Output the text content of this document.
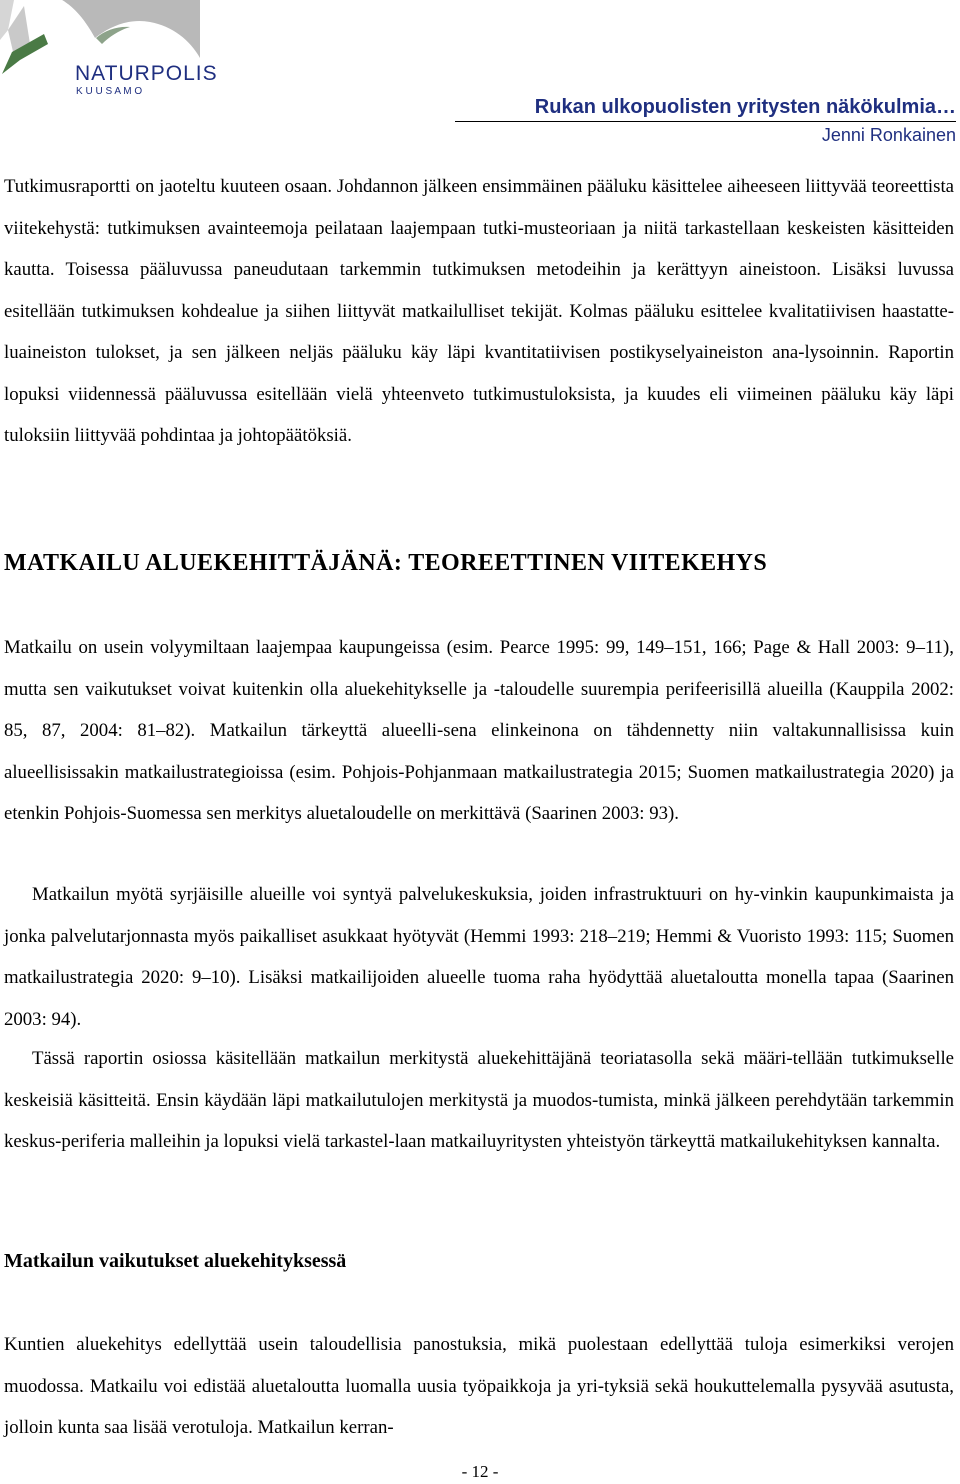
NATURPOLIS
K U U S A M O
Rukan ulkopuolisten yritysten näkökulmia…
Jenni Ronkainen

Tutkimusraportti on jaoteltu kuuteen osaan. Johdannon jälkeen ensimmäinen pääluku käsittelee aiheeseen liittyvää teoreettista viitekehystä: tutkimuksen avainteemoja peilataan laajempaan tutki-musteoriaan ja niitä tarkastellaan keskeisten käsitteiden kautta. Toisessa pääluvussa paneudutaan tarkemmin tutkimuksen metodeihin ja kerättyyn aineistoon. Lisäksi luvussa esitellään tutkimuksen kohdealue ja siihen liittyvät matkailulliset tekijät. Kolmas pääluku esittelee kvalitatiivisen haastatte-luaineiston tulokset, ja sen jälkeen neljäs pääluku käy läpi kvantitatiivisen postikyselyaineiston ana-lysoinnin. Raportin lopuksi viidennessä pääluvussa esitellään vielä yhteenveto tutkimustuloksista, ja kuudes eli viimeinen pääluku käy läpi tuloksiin liittyvää pohdintaa ja johtopäätöksiä.

MATKAILU ALUEKEHITTÄJÄNÄ: TEOREETTINEN VIITEKEHYS

Matkailu on usein volyymiltaan laajempaa kaupungeissa (esim. Pearce 1995: 99, 149–151, 166; Page & Hall 2003: 9–11), mutta sen vaikutukset voivat kuitenkin olla aluekehitykselle ja -taloudelle suurempia perifeerisillä alueilla (Kauppila 2002: 85, 87, 2004: 81–82). Matkailun tärkeyttä alueelli-sena elinkeinona on tähdennetty niin valtakunnallisissa kuin alueellisissakin matkailustrategioissa (esim. Pohjois-Pohjanmaan matkailustrategia 2015; Suomen matkailustrategia 2020) ja etenkin Pohjois-Suomessa sen merkitys aluetaloudelle on merkittävä (Saarinen 2003: 93).

Matkailun myötä syrjäisille alueille voi syntyä palvelukeskuksia, joiden infrastruktuuri on hy-vinkin kaupunkimaista ja jonka palvelutarjonnasta myös paikalliset asukkaat hyötyvät (Hemmi 1993: 218–219; Hemmi & Vuoristo 1993: 115; Suomen matkailustrategia 2020: 9–10). Lisäksi matkailijoiden alueelle tuoma raha hyödyttää aluetaloutta monella tapaa (Saarinen 2003: 94).

Tässä raportin osiossa käsitellään matkailun merkitystä aluekehittäjänä teoriatasolla sekä määri-tellään tutkimukselle keskeisiä käsitteitä. Ensin käydään läpi matkailutulojen merkitystä ja muodos-tumista, minkä jälkeen perehdytään tarkemmin keskus-periferia malleihin ja lopuksi vielä tarkastel-laan matkailuyritysten yhteistyön tärkeyttä matkailukehityksen kannalta.

Matkailun vaikutukset aluekehityksessä

Kuntien aluekehitys edellyttää usein taloudellisia panostuksia, mikä puolestaan edellyttää tuloja esimerkiksi verojen muodossa. Matkailu voi edistää aluetaloutta luomalla uusia työpaikkoja ja yri-tyksiä sekä houkuttelemalla pysyvää asutusta, jolloin kunta saa lisää verotuloja. Matkailun kerran-

- 12 -
